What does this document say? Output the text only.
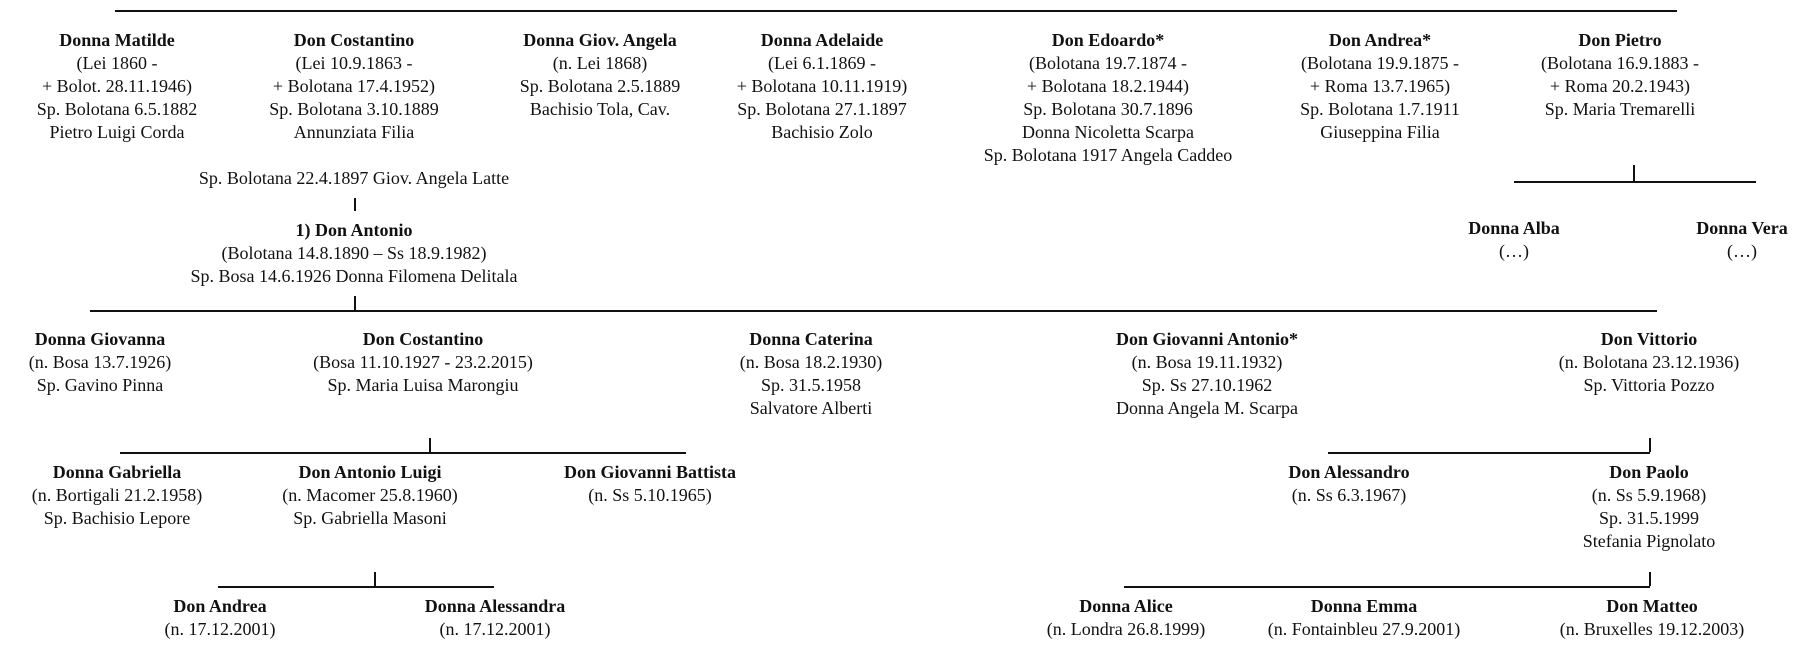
Donna Matilde
(Lei 1860 -
+ Bolot. 28.11.1946)
Sp. Bolotana 6.5.1882
Pietro Luigi Corda
Don Costantino
(Lei 10.9.1863 -
+ Bolotana 17.4.1952)
Sp. Bolotana 3.10.1889
Annunziata Filia
Sp. Bolotana 22.4.1897 Giov. Angela Latte
Donna Giov. Angela
(n. Lei 1868)
Sp. Bolotana 2.5.1889
Bachisio Tola, Cav.
Donna Adelaide
(Lei 6.1.1869 -
+ Bolotana 10.11.1919)
Sp. Bolotana 27.1.1897
Bachisio Zolo
Don Edoardo*
(Bolotana 19.7.1874 -
+ Bolotana 18.2.1944)
Sp. Bolotana 30.7.1896
Donna Nicoletta Scarpa
Sp. Bolotana 1917 Angela Caddeo
Don Andrea*
(Bolotana 19.9.1875 -
+ Roma 13.7.1965)
Sp. Bolotana 1.7.1911
Giuseppina Filia
Don Pietro
(Bolotana 16.9.1883 -
+ Roma 20.2.1943)
Sp. Maria Tremarelli
1) Don Antonio
(Bolotana 14.8.1890 – Ss 18.9.1982)
Sp. Bosa 14.6.1926 Donna Filomena Delitala
Donna Alba
(…)
Donna Vera
(…)
Donna Giovanna
(n. Bosa 13.7.1926)
Sp. Gavino Pinna
Don Costantino
(Bosa 11.10.1927 - 23.2.2015)
Sp. Maria Luisa Marongiu
Donna Caterina
(n. Bosa 18.2.1930)
Sp. 31.5.1958
Salvatore Alberti
Don Giovanni Antonio*
(n. Bosa 19.11.1932)
Sp. Ss 27.10.1962
Donna Angela M. Scarpa
Don Vittorio
(n. Bolotana 23.12.1936)
Sp. Vittoria Pozzo
Donna Gabriella
(n. Bortigali 21.2.1958)
Sp. Bachisio Lepore
Don Antonio Luigi
(n. Macomer 25.8.1960)
Sp. Gabriella Masoni
Don Giovanni Battista
(n. Ss 5.10.1965)
Don Alessandro
(n. Ss 6.3.1967)
Don Paolo
(n. Ss 5.9.1968)
Sp. 31.5.1999
Stefania Pignolato
Don Andrea
(n. 17.12.2001)
Donna Alessandra
(n. 17.12.2001)
Donna Alice
(n. Londra 26.8.1999)
Donna Emma
(n. Fontainbleu 27.9.2001)
Don Matteo
(n. Bruxelles 19.12.2003)
